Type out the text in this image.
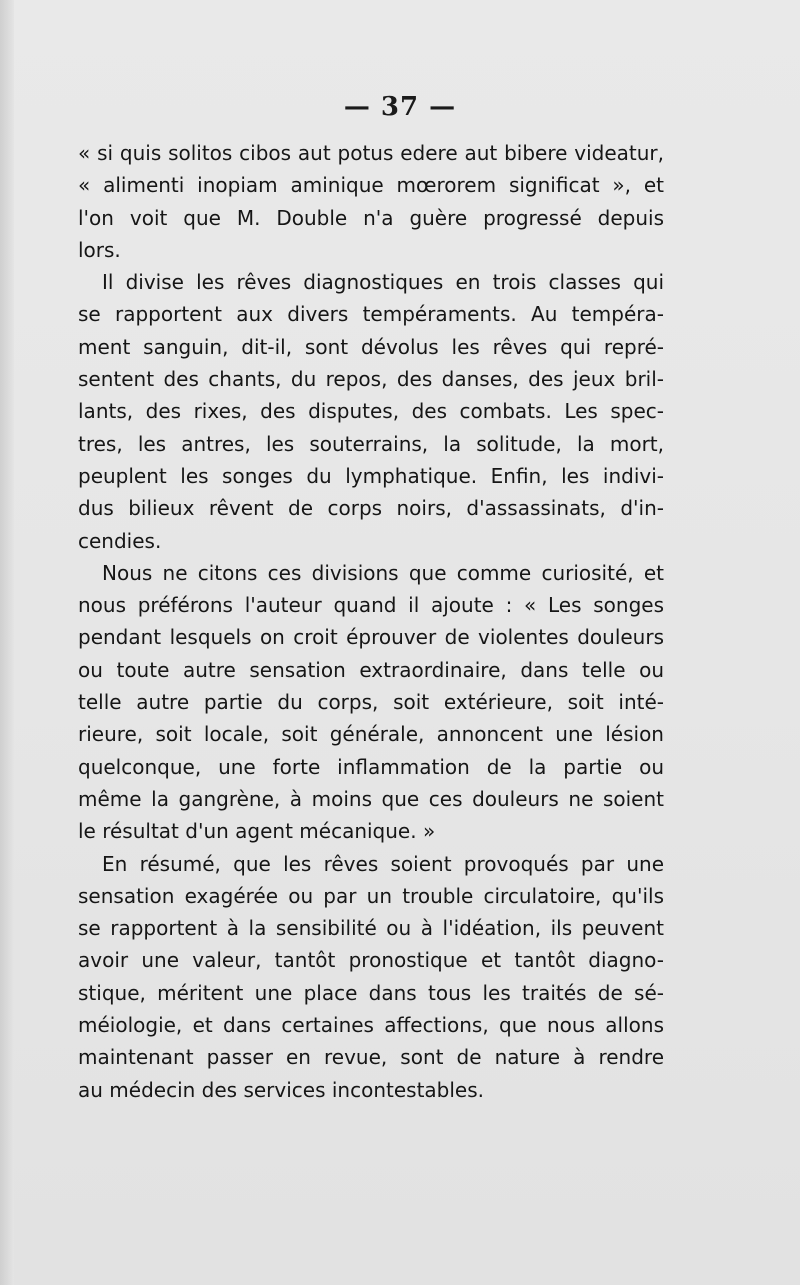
— 37 —
« si quis solitos cibos aut potus edere aut bibere videatur,
« alimenti inopiam aminique mœrorem significat », et
l'on voit que M. Double n'a guère progressé depuis
lors.
Il divise les rêves diagnostiques en trois classes qui
se rapportent aux divers tempéraments. Au tempéra-
ment sanguin, dit-il, sont dévolus les rêves qui repré-
sentent des chants, du repos, des danses, des jeux bril-
lants, des rixes, des disputes, des combats. Les spec-
tres, les antres, les souterrains, la solitude, la mort,
peuplent les songes du lymphatique. Enfin, les indivi-
dus bilieux rêvent de corps noirs, d'assassinats, d'in-
cendies.
Nous ne citons ces divisions que comme curiosité, et
nous préférons l'auteur quand il ajoute : « Les songes
pendant lesquels on croit éprouver de violentes douleurs
ou toute autre sensation extraordinaire, dans telle ou
telle autre partie du corps, soit extérieure, soit inté-
rieure, soit locale, soit générale, annoncent une lésion
quelconque, une forte inflammation de la partie ou
même la gangrène, à moins que ces douleurs ne soient
le résultat d'un agent mécanique. »
En résumé, que les rêves soient provoqués par une
sensation exagérée ou par un trouble circulatoire, qu'ils
se rapportent à la sensibilité ou à l'idéation, ils peuvent
avoir une valeur, tantôt pronostique et tantôt diagno-
stique, méritent une place dans tous les traités de sé-
méiologie, et dans certaines affections, que nous allons
maintenant passer en revue, sont de nature à rendre
au médecin des services incontestables.
